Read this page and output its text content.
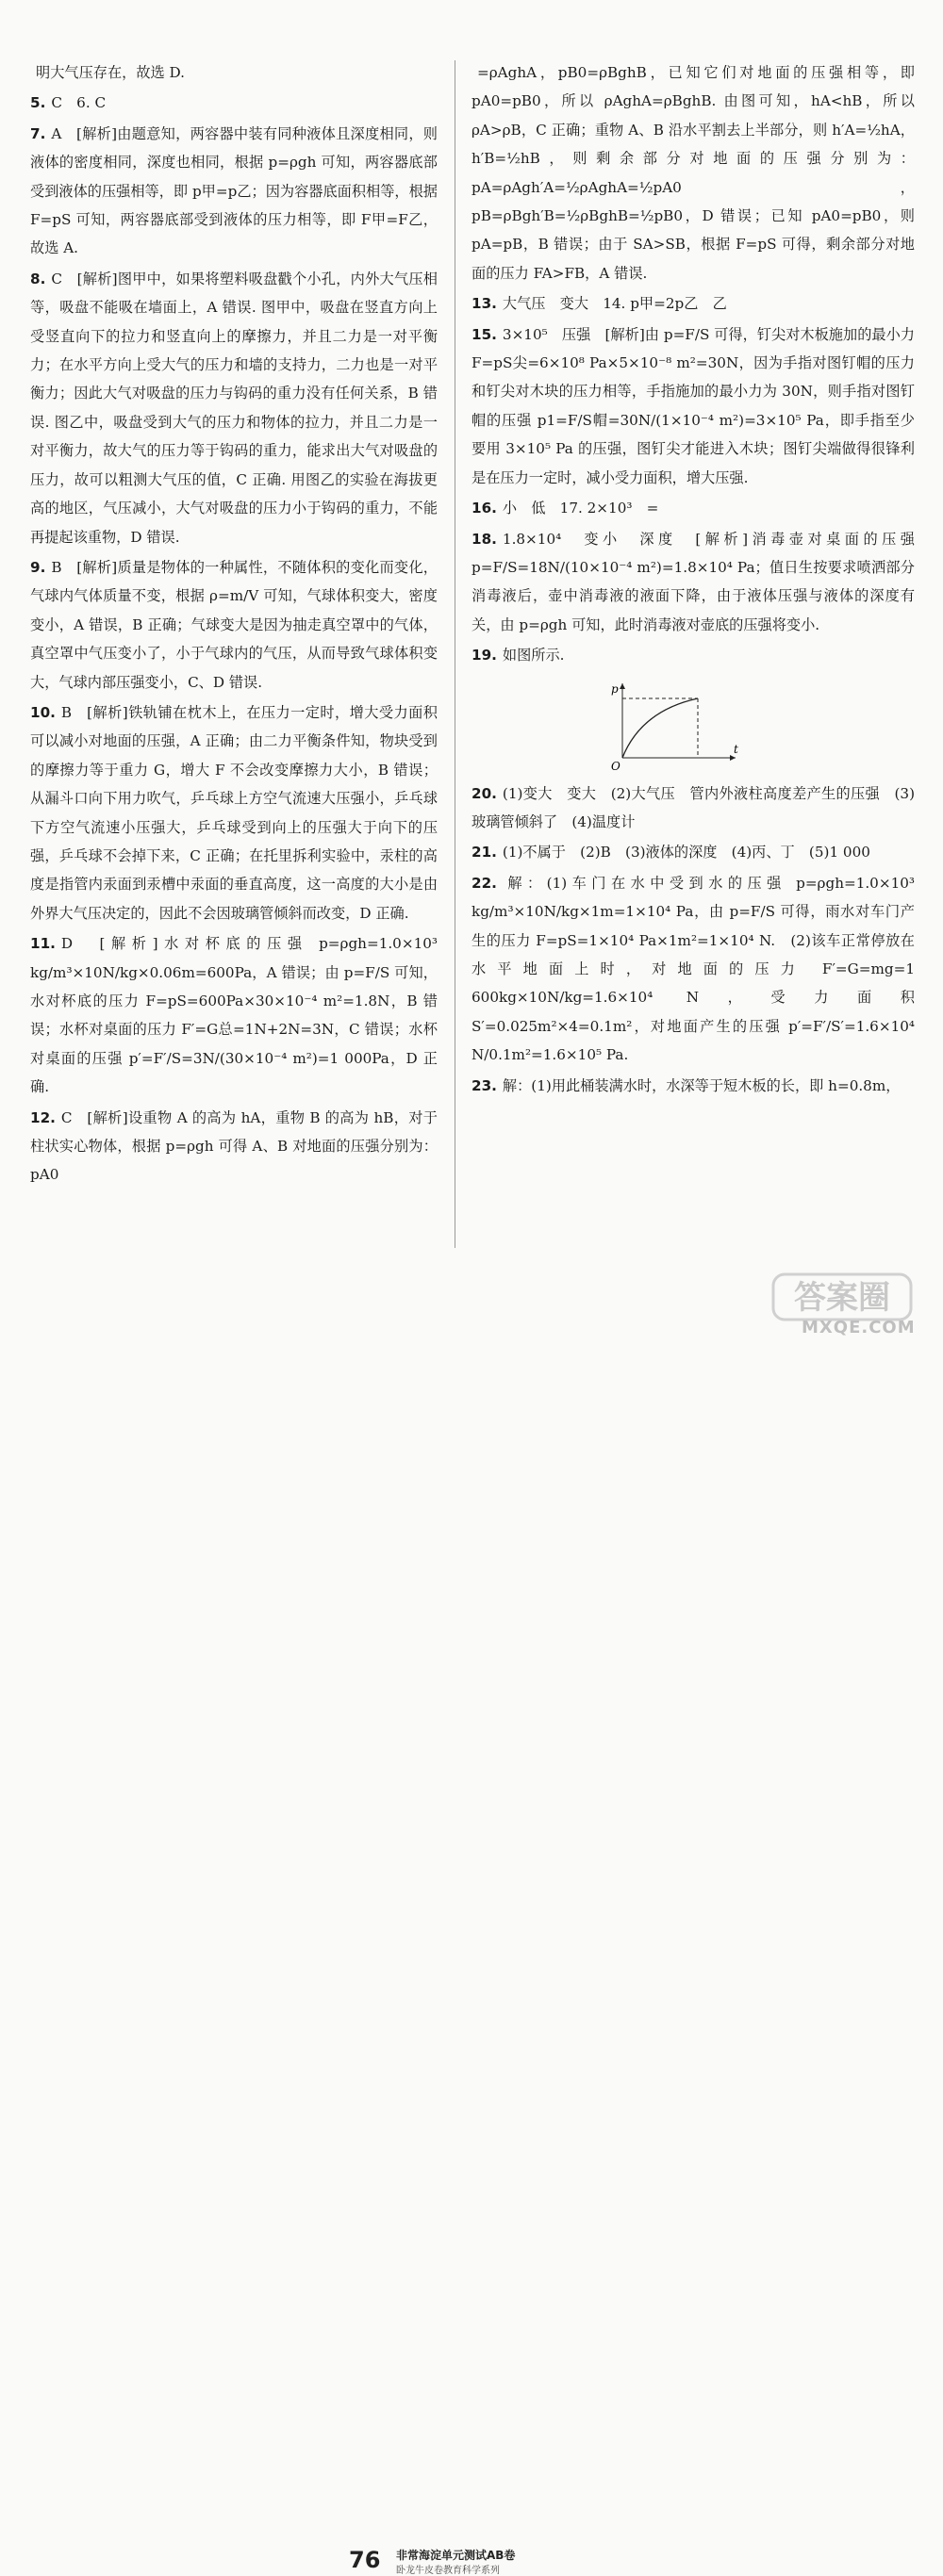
明大气压存在，故选 D.
5. C　6. C
7. A　[解析]由题意知，两容器中装有同种液体且深度相同，则液体的密度相同，深度也相同，根据 p=ρgh 可知，两容器底部受到液体的压强相等，即 p甲=p乙；因为容器底面积相等，根据 F=pS 可知，两容器底部受到液体的压力相等，即 F甲=F乙，故选 A.
8. C　[解析]图甲中，如果将塑料吸盘戳个小孔，内外大气压相等，吸盘不能吸在墙面上，A 错误. 图甲中，吸盘在竖直方向上受竖直向下的拉力和竖直向上的摩擦力，并且二力是一对平衡力；在水平方向上受大气的压力和墙的支持力，二力也是一对平衡力；因此大气对吸盘的压力与钩码的重力没有任何关系，B 错误. 图乙中，吸盘受到大气的压力和物体的拉力，并且二力是一对平衡力，故大气的压力等于钩码的重力，能求出大气对吸盘的压力，故可以粗测大气压的值，C 正确. 用图乙的实验在海拔更高的地区，气压减小，大气对吸盘的压力小于钩码的重力，不能再提起该重物，D 错误.
9. B　[解析]质量是物体的一种属性，不随体积的变化而变化，气球内气体质量不变，根据 ρ=m/V 可知，气球体积变大，密度变小，A 错误，B 正确；气球变大是因为抽走真空罩中的气体，真空罩中气压变小了，小于气球内的气压，从而导致气球体积变大，气球内部压强变小，C、D 错误.
10. B　[解析]铁轨铺在枕木上，在压力一定时，增大受力面积可以减小对地面的压强，A 正确；由二力平衡条件知，物块受到的摩擦力等于重力 G，增大 F 不会改变摩擦力大小，B 错误；从漏斗口向下用力吹气，乒乓球上方空气流速大压强小，乒乓球下方空气流速小压强大，乒乓球受到向上的压强大于向下的压强，乒乓球不会掉下来，C 正确；在托里拆利实验中，汞柱的高度是指管内汞面到汞槽中汞面的垂直高度，这一高度的大小是由外界大气压决定的，因此不会因玻璃管倾斜而改变，D 正确.
11. D　[解析]水对杯底的压强 p=ρgh=1.0×10³ kg/m³×10N/kg×0.06m=600Pa，A 错误；由 p=F/S 可知，水对杯底的压力 F=pS=600Pa×30×10⁻⁴ m²=1.8N，B 错误；水杯对桌面的压力 F′=G总=1N+2N=3N，C 错误；水杯对桌面的压强 p′=F′/S=3N/(30×10⁻⁴ m²)=1 000Pa，D 正确.
12. C　[解析]设重物 A 的高为 hA，重物 B 的高为 hB，对于柱状实心物体，根据 p=ρgh 可得 A、B 对地面的压强分别为：pA0
=ρAghA，pB0=ρBghB，已知它们对地面的压强相等，即 pA0=pB0，所以 ρAghA=ρBghB. 由图可知，hA<hB，所以 ρA>ρB，C 正确；重物 A、B 沿水平割去上半部分，则 h′A=½hA，h′B=½hB，则剩余部分对地面的压强分别为：pA=ρAgh′A=½ρAghA=½pA0，pB=ρBgh′B=½ρBghB=½pB0，D 错误；已知 pA0=pB0，则 pA=pB，B 错误；由于 SA>SB，根据 F=pS 可得，剩余部分对地面的压力 FA>FB，A 错误.
13. 大气压　变大　14. p甲=2p乙　乙
15. 3×10⁵　压强　[解析]由 p=F/S 可得，钉尖对木板施加的最小力 F=pS尖=6×10⁸ Pa×5×10⁻⁸ m²=30N，因为手指对图钉帽的压力和钉尖对木块的压力相等，手指施加的最小力为 30N，则手指对图钉帽的压强 p1=F/S帽=30N/(1×10⁻⁴ m²)=3×10⁵ Pa，即手指至少要用 3×10⁵ Pa 的压强，图钉尖才能进入木块；图钉尖端做得很锋利是在压力一定时，减小受力面积，增大压强.
16. 小　低　17. 2×10³　=
18. 1.8×10⁴　变小　深度　[解析]消毒壶对桌面的压强 p=F/S=18N/(10×10⁻⁴ m²)=1.8×10⁴ Pa；值日生按要求喷洒部分消毒液后，壶中消毒液的液面下降，由于液体压强与液体的深度有关，由 p=ρgh 可知，此时消毒液对壶底的压强将变小.
19. 如图所示.
p
t
O
20. (1)变大　变大　(2)大气压　管内外液柱高度差产生的压强　(3)玻璃管倾斜了　(4)温度计
21. (1)不属于　(2)B　(3)液体的深度　(4)丙、丁　(5)1 000
22. 解：(1)车门在水中受到水的压强 p=ρgh=1.0×10³ kg/m³×10N/kg×1m=1×10⁴ Pa，由 p=F/S 可得，雨水对车门产生的压力 F=pS=1×10⁴ Pa×1m²=1×10⁴ N.　(2)该车正常停放在水平地面上时，对地面的压力 F′=G=mg=1 600kg×10N/kg=1.6×10⁴ N，受力面积 S′=0.025m²×4=0.1m²，对地面产生的压强 p′=F′/S′=1.6×10⁴ N/0.1m²=1.6×10⁵ Pa.
23. 解：(1)用此桶装满水时，水深等于短木板的长，即 h=0.8m，
76 非常海淀单元测试AB卷
卧龙牛皮卷教育科学系列
答案圈
MXQE.COM
